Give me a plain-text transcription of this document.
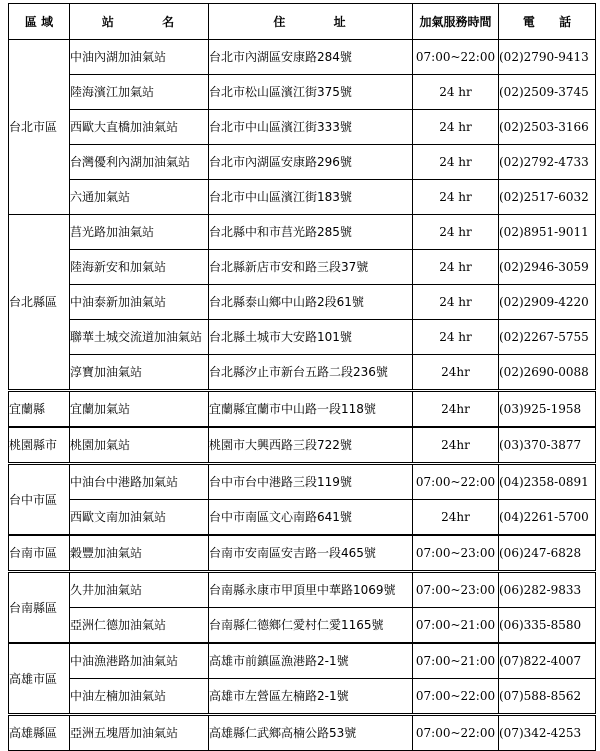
區 域	站 名	住 址	加氣服務時間	電 話
台北市區	中油內湖加油氣站	台北市內湖區安康路284號	07:00~22:00	(02)2790-9413
	陸海濱江加氣站	台北市松山區濱江街375號	24 hr	(02)2509-3745
	西歐大直橋加油氣站	台北市中山區濱江街333號	24 hr	(02)2503-3166
	台灣優利內湖加油氣站	台北市內湖區安康路296號	24 hr	(02)2792-4733
	六通加氣站	台北市中山區濱江街183號	24 hr	(02)2517-6032
台北縣區	莒光路加油氣站	台北縣中和市莒光路285號	24 hr	(02)8951-9011
	陸海新安和加氣站	台北縣新店市安和路三段37號	24 hr	(02)2946-3059
	中油泰新加油氣站	台北縣泰山鄉中山路2段61號	24 hr	(02)2909-4220
	聯華土城交流道加油氣站	台北縣土城市大安路101號	24 hr	(02)2267-5755
	淳寶加油氣站	台北縣汐止市新台五路二段236號	24hr	(02)2690-0088
宜蘭縣	宜蘭加氣站	宜蘭縣宜蘭市中山路一段118號	24hr	(03)925-1958
桃園縣市	桃園加氣站	桃園市大興西路三段722號	24hr	(03)370-3877
台中市區	中油台中港路加氣站	台中市台中港路三段119號	07:00~22:00	(04)2358-0891
	西歐文南加油氣站	台中市南區文心南路641號	24hr	(04)2261-5700
台南市區	穀豐加油氣站	台南市安南區安吉路一段465號	07:00~23:00	(06)247-6828
台南縣區	久井加油氣站	台南縣永康市甲頂里中華路1069號	07:00~23:00	(06)282-9833
	亞洲仁德加油氣站	台南縣仁德鄉仁愛村仁愛1165號	07:00~21:00	(06)335-8580
高雄市區	中油漁港路加油氣站	高雄市前鎮區漁港路2-1號	07:00~21:00	(07)822-4007
	中油左楠加油氣站	高雄市左營區左楠路2-1號	07:00~22:00	(07)588-8562
高雄縣區	亞洲五塊厝加油氣站	高雄縣仁武鄉高楠公路53號	07:00~22:00	(07)342-4253
